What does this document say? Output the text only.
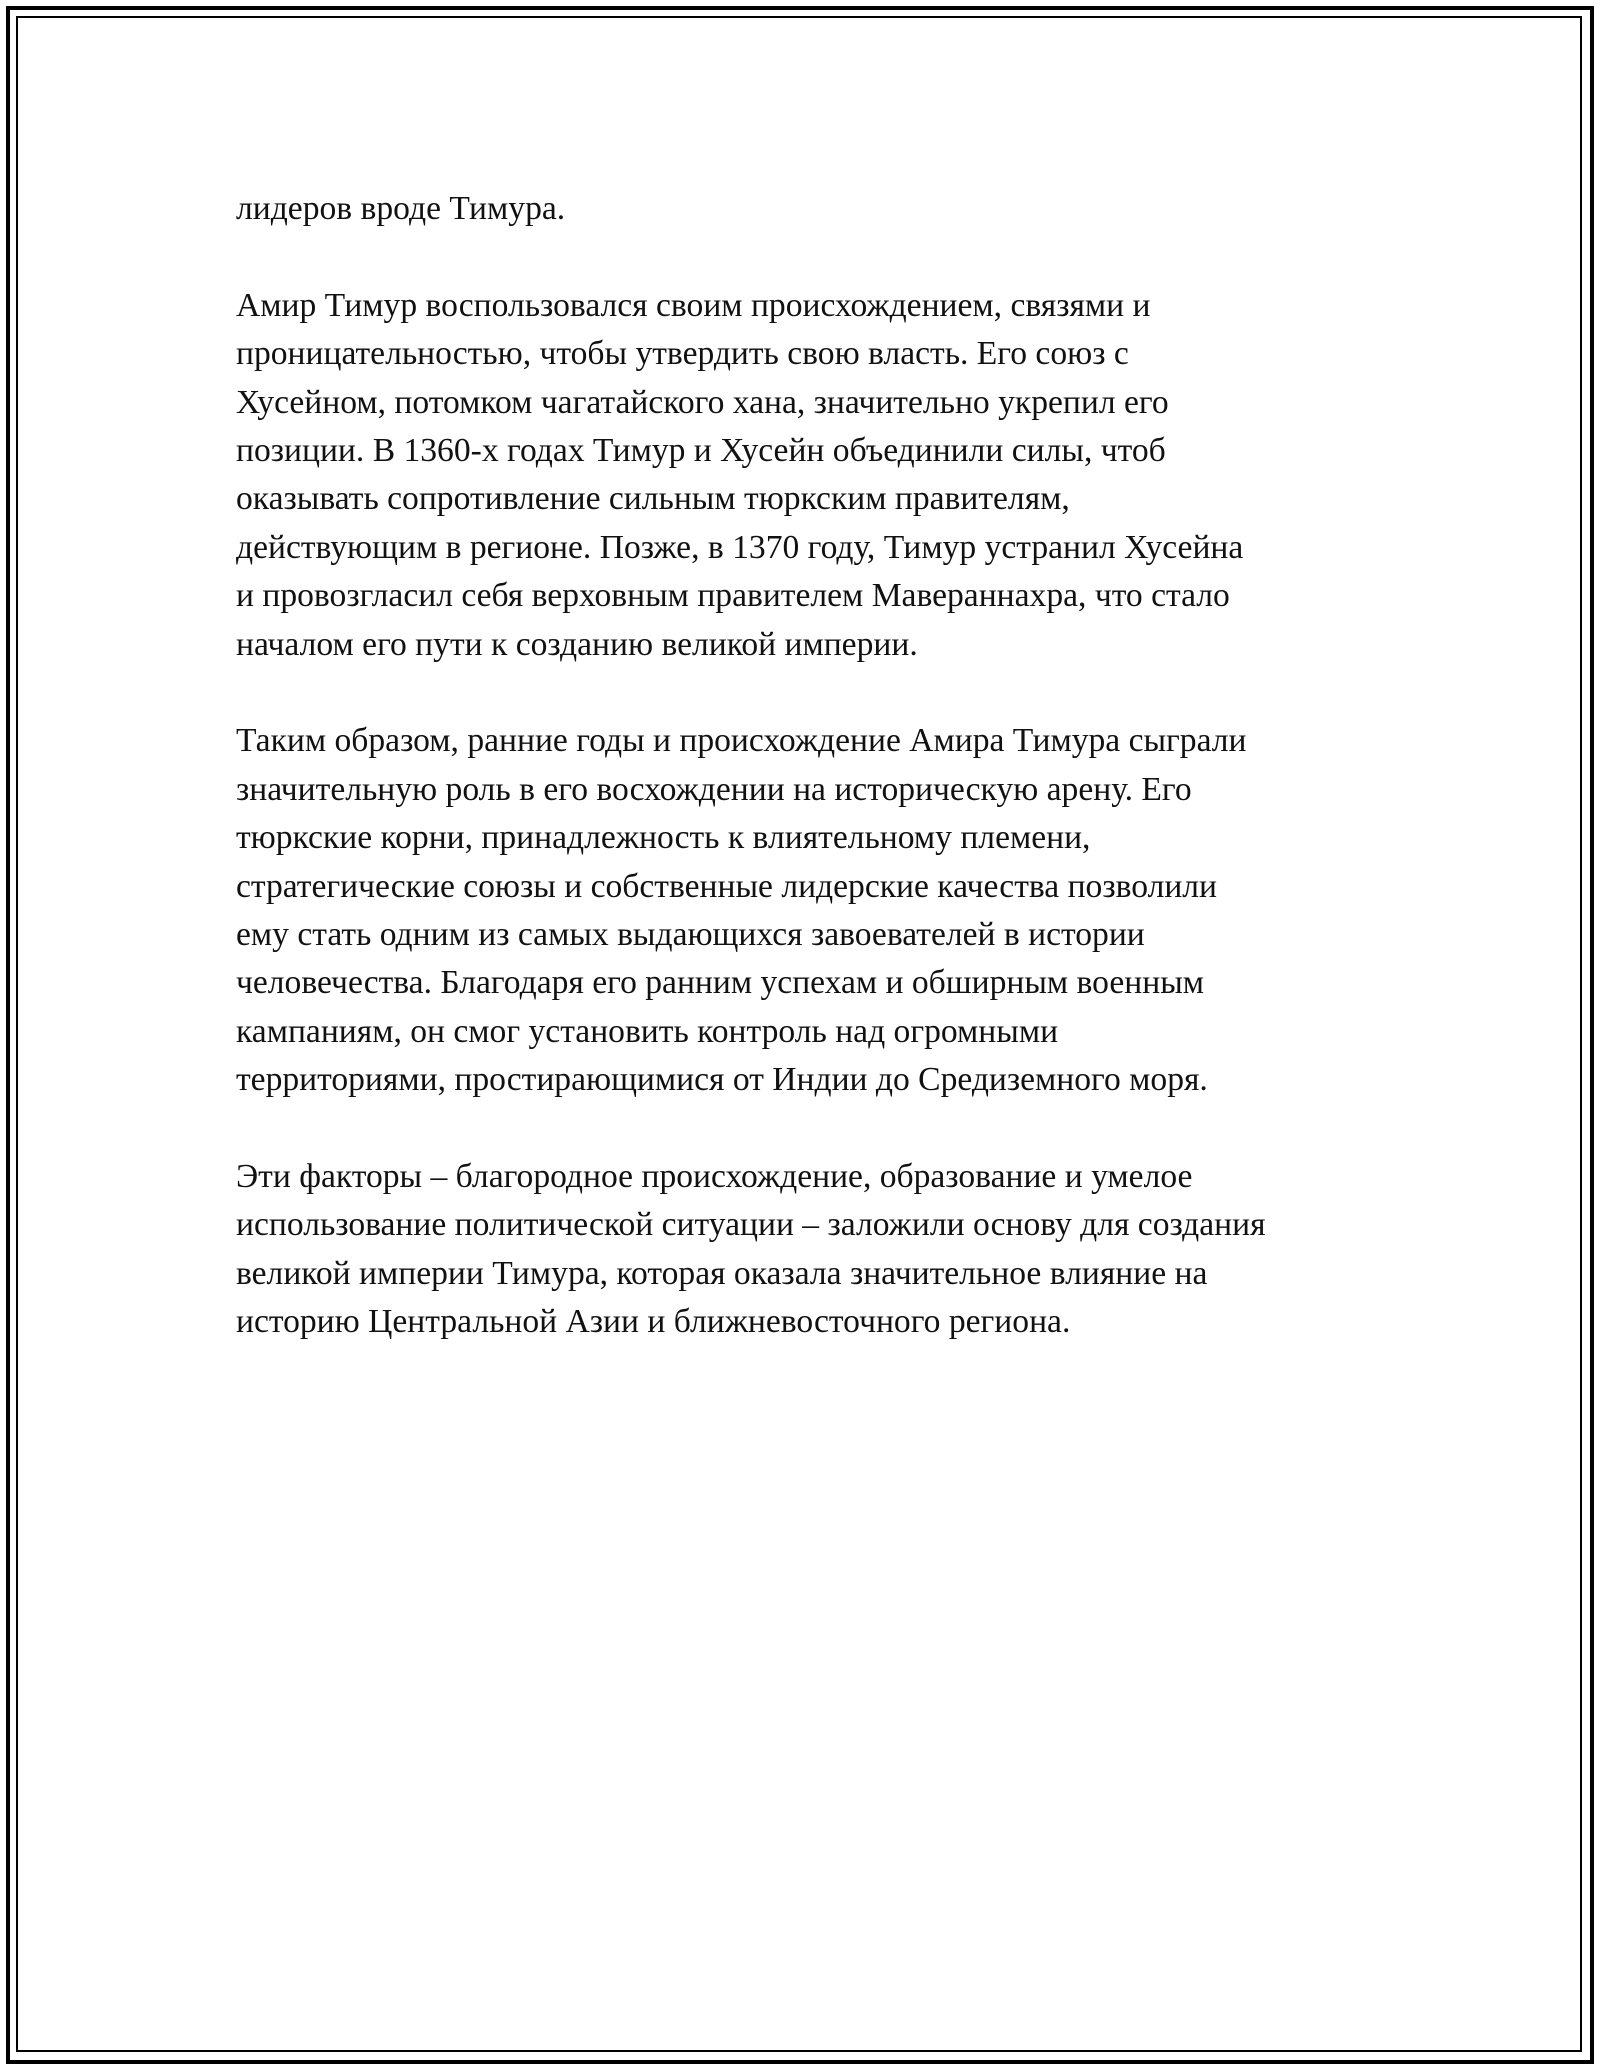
лидеров вроде Тимура.

Амир Тимур воспользовался своим происхождением, связями и
проницательностью, чтобы утвердить свою власть. Его союз с
Хусейном, потомком чагатайского хана, значительно укрепил его
позиции. В 1360-х годах Тимур и Хусейн объединили силы, чтоб
оказывать сопротивление сильным тюркским правителям,
действующим в регионе. Позже, в 1370 году, Тимур устранил Хусейна
и провозгласил себя верховным правителем Мавераннахра, что стало
началом его пути к созданию великой империи.

Таким образом, ранние годы и происхождение Амира Тимура сыграли
значительную роль в его восхождении на историческую арену. Его
тюркские корни, принадлежность к влиятельному племени,
стратегические союзы и собственные лидерские качества позволили
ему стать одним из самых выдающихся завоевателей в истории
человечества. Благодаря его ранним успехам и обширным военным
кампаниям, он смог установить контроль над огромными
территориями, простирающимися от Индии до Средиземного моря.

Эти факторы – благородное происхождение, образование и умелое
использование политической ситуации – заложили основу для создания
великой империи Тимура, которая оказала значительное влияние на
историю Центральной Азии и ближневосточного региона.
